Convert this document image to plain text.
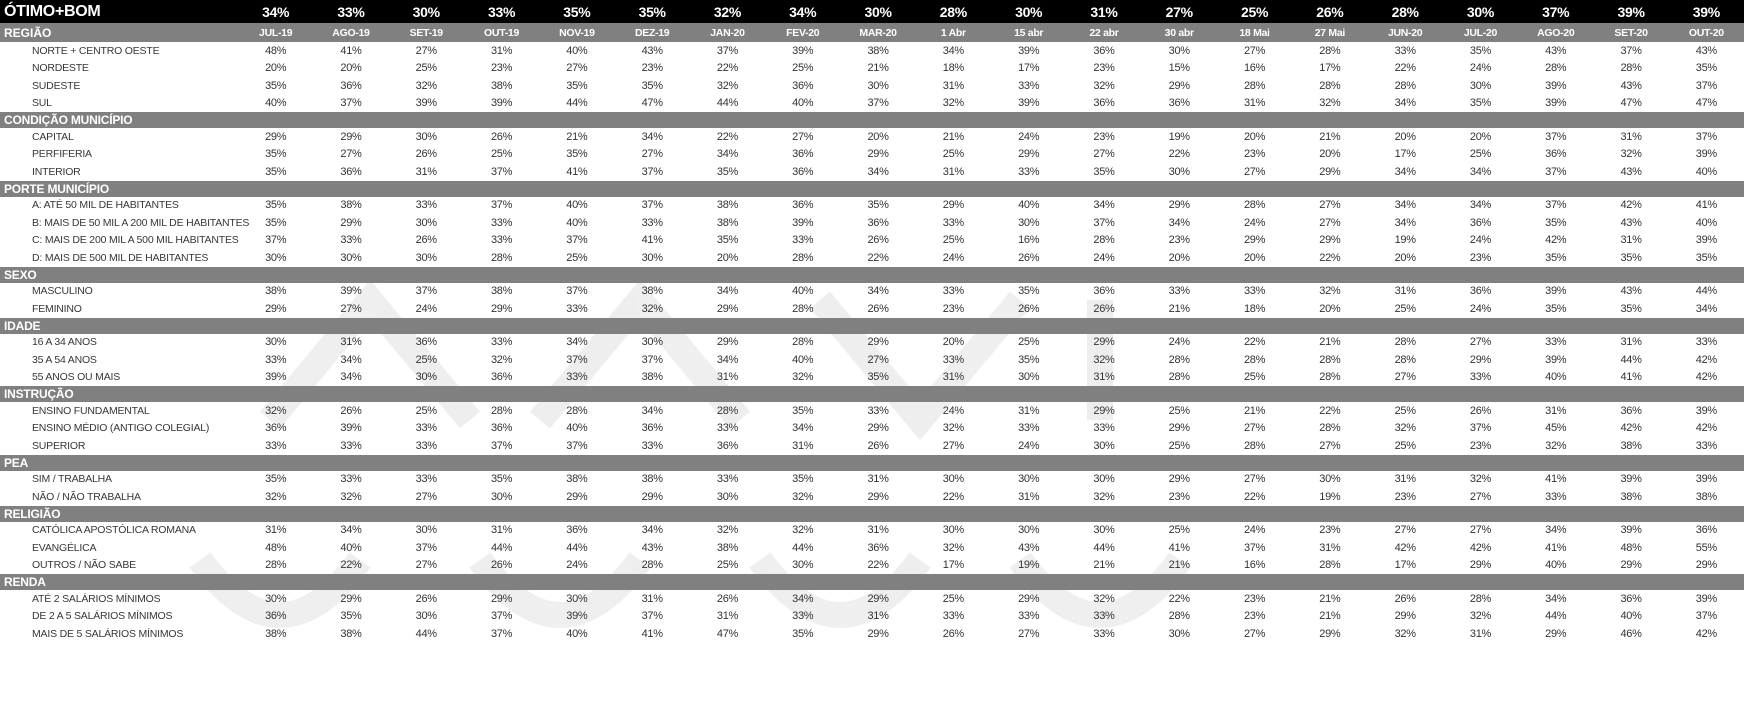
ÓTIMO+BOM	34%	33%	30%	33%	35%	35%	32%	34%	30%	28%	30%	31%	27%	25%	26%	28%	30%	37%	39%	39%
REGIÃO	JUL-19	AGO-19	SET-19	OUT-19	NOV-19	DEZ-19	JAN-20	FEV-20	MAR-20	1 Abr	15 abr	22 abr	30 abr	18 Mai	27 Mai	JUN-20	JUL-20	AGO-20	SET-20	OUT-20
NORTE + CENTRO OESTE	48%	41%	27%	31%	40%	43%	37%	39%	38%	34%	39%	36%	30%	27%	28%	33%	35%	43%	37%	43%
NORDESTE	20%	20%	25%	23%	27%	23%	22%	25%	21%	18%	17%	23%	15%	16%	17%	22%	24%	28%	28%	35%
SUDESTE	35%	36%	32%	38%	35%	35%	32%	36%	30%	31%	33%	32%	29%	28%	28%	28%	30%	39%	43%	37%
SUL	40%	37%	39%	39%	44%	47%	44%	40%	37%	32%	39%	36%	36%	31%	32%	34%	35%	39%	47%	47%
CONDIÇÃO MUNICÍPIO
CAPITAL	29%	29%	30%	26%	21%	34%	22%	27%	20%	21%	24%	23%	19%	20%	21%	20%	20%	37%	31%	37%
PERFIFERIA	35%	27%	26%	25%	35%	27%	34%	36%	29%	25%	29%	27%	22%	23%	20%	17%	25%	36%	32%	39%
INTERIOR	35%	36%	31%	37%	41%	37%	35%	36%	34%	31%	33%	35%	30%	27%	29%	34%	34%	37%	43%	40%
PORTE MUNICÍPIO
A: ATÉ 50 MIL DE HABITANTES	35%	38%	33%	37%	40%	37%	38%	36%	35%	29%	40%	34%	29%	28%	27%	34%	34%	37%	42%	41%
B: MAIS DE 50 MIL A 200 MIL DE HABITANTES	35%	29%	30%	33%	40%	33%	38%	39%	36%	33%	30%	37%	34%	24%	27%	34%	36%	35%	43%	40%
C: MAIS DE 200 MIL A 500 MIL HABITANTES	37%	33%	26%	33%	37%	41%	35%	33%	26%	25%	16%	28%	23%	29%	29%	19%	24%	42%	31%	39%
D: MAIS DE 500 MIL DE HABITANTES	30%	30%	30%	28%	25%	30%	20%	28%	22%	24%	26%	24%	20%	20%	22%	20%	23%	35%	35%	35%
SEXO
MASCULINO	38%	39%	37%	38%	37%	38%	34%	40%	34%	33%	35%	36%	33%	33%	32%	31%	36%	39%	43%	44%
FEMININO	29%	27%	24%	29%	33%	32%	29%	28%	26%	23%	26%	26%	21%	18%	20%	25%	24%	35%	35%	34%
IDADE
16 A 34 ANOS	30%	31%	36%	33%	34%	30%	29%	28%	29%	20%	25%	29%	24%	22%	21%	28%	27%	33%	31%	33%
35 A 54 ANOS	33%	34%	25%	32%	37%	37%	34%	40%	27%	33%	35%	32%	28%	28%	28%	28%	29%	39%	44%	42%
55 ANOS OU MAIS	39%	34%	30%	36%	33%	38%	31%	32%	35%	31%	30%	31%	28%	25%	28%	27%	33%	40%	41%	42%
INSTRUÇÃO
ENSINO FUNDAMENTAL	32%	26%	25%	28%	28%	34%	28%	35%	33%	24%	31%	29%	25%	21%	22%	25%	26%	31%	36%	39%
ENSINO MÉDIO (ANTIGO COLEGIAL)	36%	39%	33%	36%	40%	36%	33%	34%	29%	32%	33%	33%	29%	27%	28%	32%	37%	45%	42%	42%
SUPERIOR	33%	33%	33%	37%	37%	33%	36%	31%	26%	27%	24%	30%	25%	28%	27%	25%	23%	32%	38%	33%
PEA
SIM / TRABALHA	35%	33%	33%	35%	38%	38%	33%	35%	31%	30%	30%	30%	29%	27%	30%	31%	32%	41%	39%	39%
NÃO / NÃO TRABALHA	32%	32%	27%	30%	29%	29%	30%	32%	29%	22%	31%	32%	23%	22%	19%	23%	27%	33%	38%	38%
RELIGIÃO
CATÓLICA APOSTÓLICA ROMANA	31%	34%	30%	31%	36%	34%	32%	32%	31%	30%	30%	30%	25%	24%	23%	27%	27%	34%	39%	36%
EVANGÉLICA	48%	40%	37%	44%	44%	43%	38%	44%	36%	32%	43%	44%	41%	37%	31%	42%	42%	41%	48%	55%
OUTROS / NÃO SABE	28%	22%	27%	26%	24%	28%	25%	30%	22%	17%	19%	21%	21%	16%	28%	17%	29%	40%	29%	29%
RENDA
ATÉ 2 SALÁRIOS MÍNIMOS	30%	29%	26%	29%	30%	31%	26%	34%	29%	25%	29%	32%	22%	23%	21%	26%	28%	34%	36%	39%
DE 2 A 5 SALÁRIOS MÍNIMOS	36%	35%	30%	37%	39%	37%	31%	33%	31%	33%	33%	33%	28%	23%	21%	29%	32%	44%	40%	37%
MAIS DE 5 SALÁRIOS MÍNIMOS	38%	38%	44%	37%	40%	41%	47%	35%	29%	26%	27%	33%	30%	27%	29%	32%	31%	29%	46%	42%
